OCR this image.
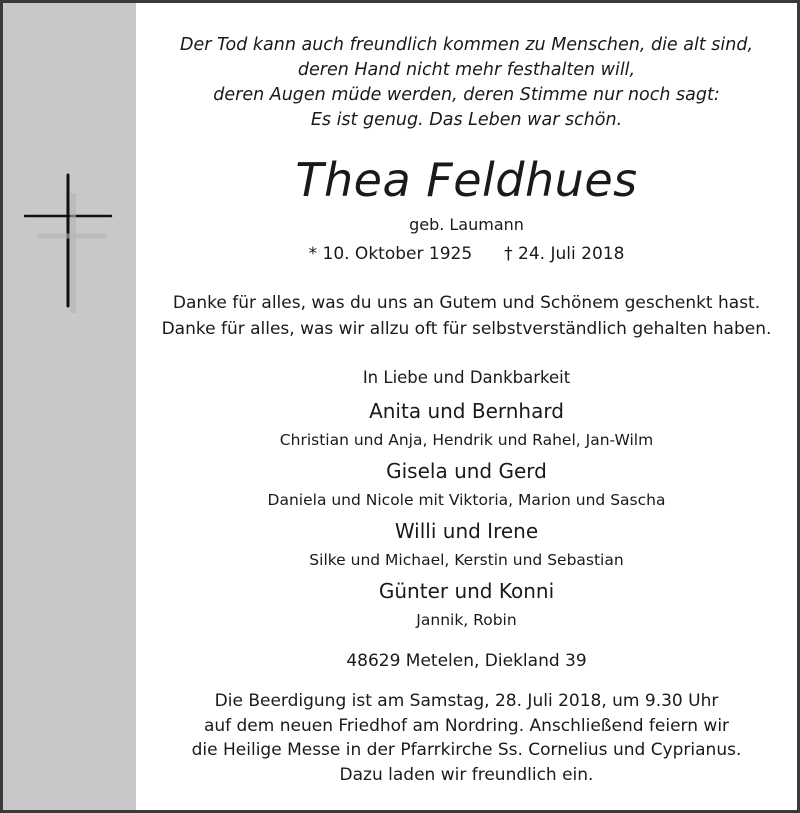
Der Tod kann auch freundlich kommen zu Menschen, die alt sind,
deren Hand nicht mehr festhalten will,
deren Augen müde werden, deren Stimme nur noch sagt:
Es ist genug. Das Leben war schön.
Thea Feldhues
geb. Laumann
* 10. Oktober 1925 † 24. Juli 2018
Danke für alles, was du uns an Gutem und Schönem geschenkt hast.
Danke für alles, was wir allzu oft für selbstverständlich gehalten haben.
In Liebe und Dankbarkeit
Anita und Bernhard
Christian und Anja, Hendrik und Rahel, Jan-Wilm
Gisela und Gerd
Daniela und Nicole mit Viktoria, Marion und Sascha
Willi und Irene
Silke und Michael, Kerstin und Sebastian
Günter und Konni
Jannik, Robin
48629 Metelen, Diekland 39
Die Beerdigung ist am Samstag, 28. Juli 2018, um 9.30 Uhr
auf dem neuen Friedhof am Nordring. Anschließend feiern wir
die Heilige Messe in der Pfarrkirche Ss. Cornelius und Cyprianus.
Dazu laden wir freundlich ein.
